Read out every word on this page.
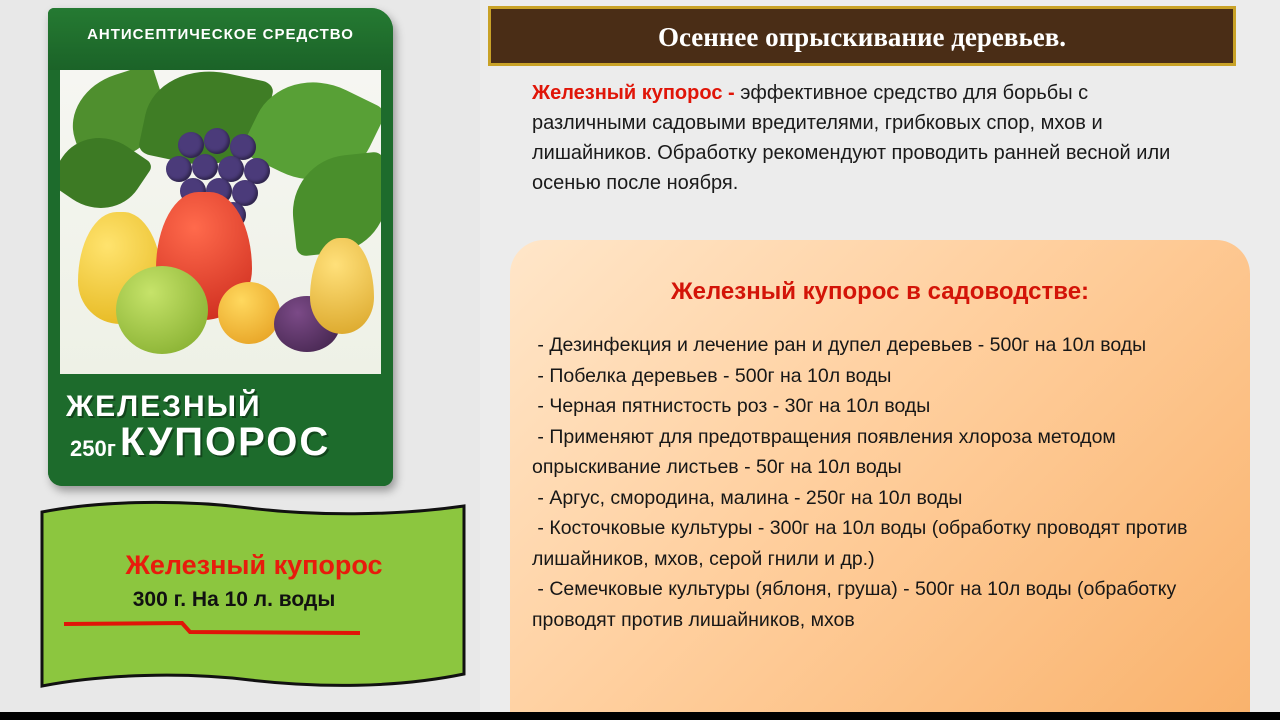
АНТИСЕПТИЧЕСКОЕ СРЕДСТВО
ЖЕЛЕЗНЫЙ
250г КУПОРОС
Железный купорос
300 г. На 10 л. воды
Осеннее опрыскивание деревьев.
Железный купорос - эффективное средство для борьбы с различными садовыми вредителями, грибковых спор, мхов и лишайников. Обработку рекомендуют проводить ранней весной или осенью после ноября.
Железный купорос в садоводстве:
- Дезинфекция и лечение ран и дупел деревьев - 500г на 10л воды
- Побелка деревьев - 500г на 10л воды
- Черная пятнистость роз - 30г на 10л воды
- Применяют для предотвращения появления хлороза методом опрыскивание листьев - 50г на 10л воды
- Аргус, смородина, малина - 250г на 10л воды
- Косточковые культуры - 300г на 10л воды (обработку проводят против лишайников, мхов, серой гнили и др.)
- Семечковые культуры (яблоня, груша) - 500г на 10л воды (обработку проводят против лишайников, мхов
